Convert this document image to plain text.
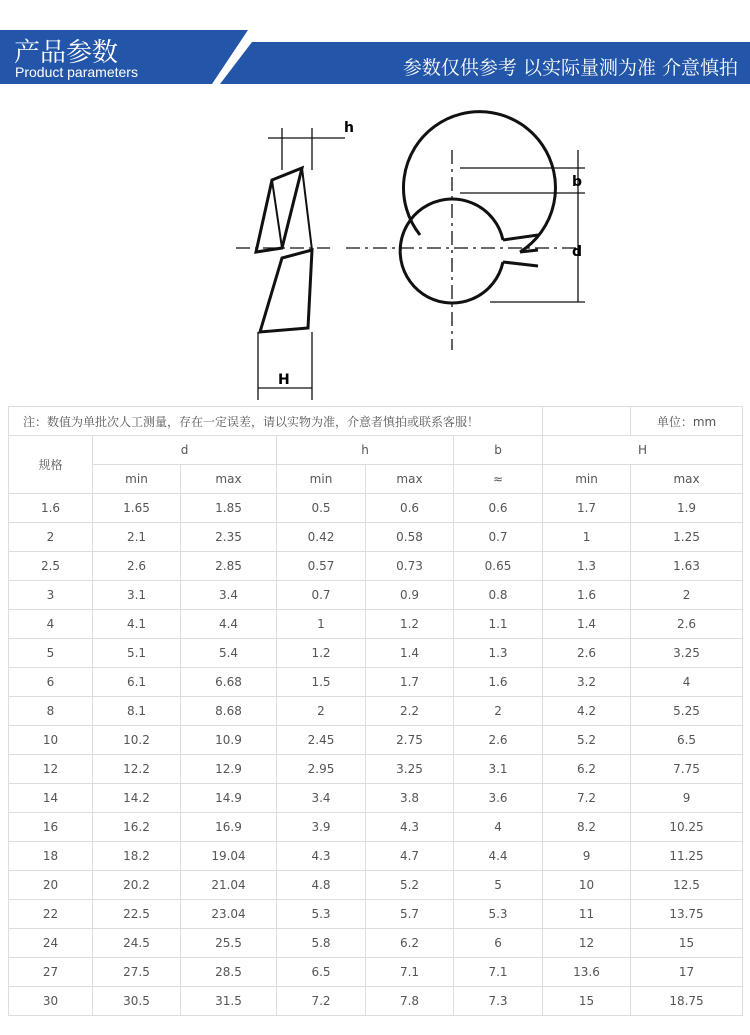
产品参数
Product parameters	参数仅供参考 以实际量测为准 介意慎拍
h
b
d
H
注：数值为单批次人工测量，存在一定误差，请以实物为准，介意者慎拍或联系客服！							单位：mm
规格	d		h		b	H	
	min	max	min	max	≈	min	max
1.6	1.65	1.85	0.5	0.6	0.6	1.7	1.9
2	2.1	2.35	0.42	0.58	0.7	1	1.25
2.5	2.6	2.85	0.57	0.73	0.65	1.3	1.63
3	3.1	3.4	0.7	0.9	0.8	1.6	2
4	4.1	4.4	1	1.2	1.1	1.4	2.6
5	5.1	5.4	1.2	1.4	1.3	2.6	3.25
6	6.1	6.68	1.5	1.7	1.6	3.2	4
8	8.1	8.68	2	2.2	2	4.2	5.25
10	10.2	10.9	2.45	2.75	2.6	5.2	6.5
12	12.2	12.9	2.95	3.25	3.1	6.2	7.75
14	14.2	14.9	3.4	3.8	3.6	7.2	9
16	16.2	16.9	3.9	4.3	4	8.2	10.25
18	18.2	19.04	4.3	4.7	4.4	9	11.25
20	20.2	21.04	4.8	5.2	5	10	12.5
22	22.5	23.04	5.3	5.7	5.3	11	13.75
24	24.5	25.5	5.8	6.2	6	12	15
27	27.5	28.5	6.5	7.1	7.1	13.6	17
30	30.5	31.5	7.2	7.8	7.3	15	18.75
